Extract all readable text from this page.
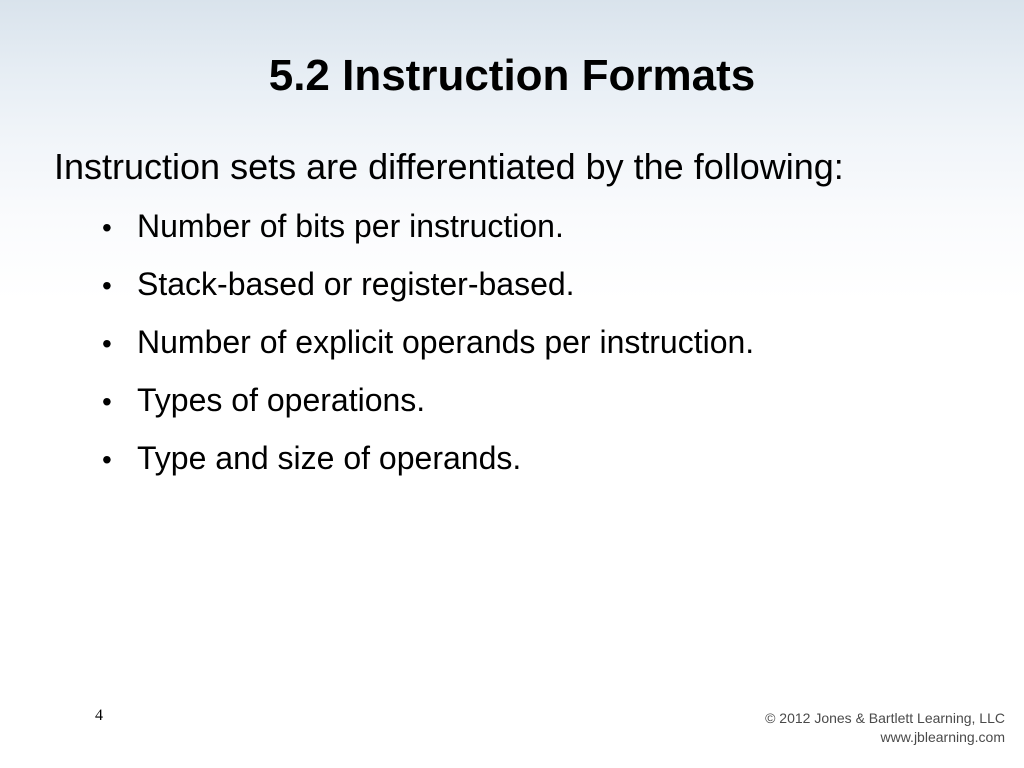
5.2 Instruction Formats

Instruction sets are differentiated by the following:

• Number of bits per instruction.
• Stack-based or register-based.
• Number of explicit operands per instruction.
• Types of operations.
• Type and size of operands.
4	© 2012 Jones & Bartlett Learning, LLC
www.jblearning.com
